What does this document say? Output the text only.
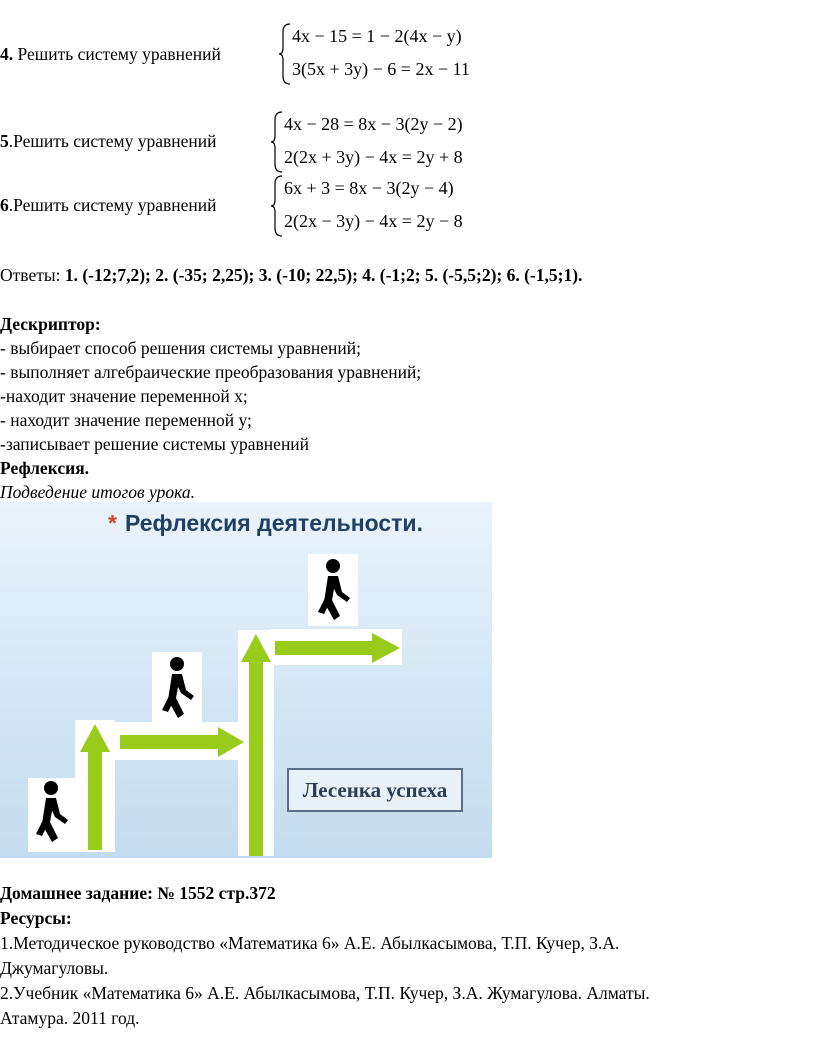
4. Решить систему уравнений
4x − 15 = 1 − 2(4x − y)
3(5x + 3y) − 6 = 2x − 11
5.Решить систему уравнений
4x − 28 = 8x − 3(2y − 2)
2(2x + 3y) − 4x = 2y + 8
6.Решить систему уравнений
6x + 3 = 8x − 3(2y − 4)
2(2x − 3y) − 4x = 2y − 8
Ответы: 1. (-12;7,2); 2. (-35; 2,25); 3. (-10; 22,5); 4. (-1;2; 5. (-5,5;2); 6. (-1,5;1).
Дескриптор:
- выбирает способ решения системы уравнений;
- выполняет алгебраические преобразования уравнений;
-находит значение переменной х;
- находит значение переменной у;
-записывает решение системы уравнений
Рефлексия.
Подведение итогов урока.
* Рефлексия деятельности.
Лесенка успеха
Домашнее задание: № 1552 стр.372
Ресурсы:
1.Методическое руководство «Математика 6» А.Е. Абылкасымова, Т.П. Кучер, З.А.
Джумагуловы.
2.Учебник «Математика 6» А.Е. Абылкасымова, Т.П. Кучер, З.А. Жумагулова. Алматы.
Атамура. 2011 год.
